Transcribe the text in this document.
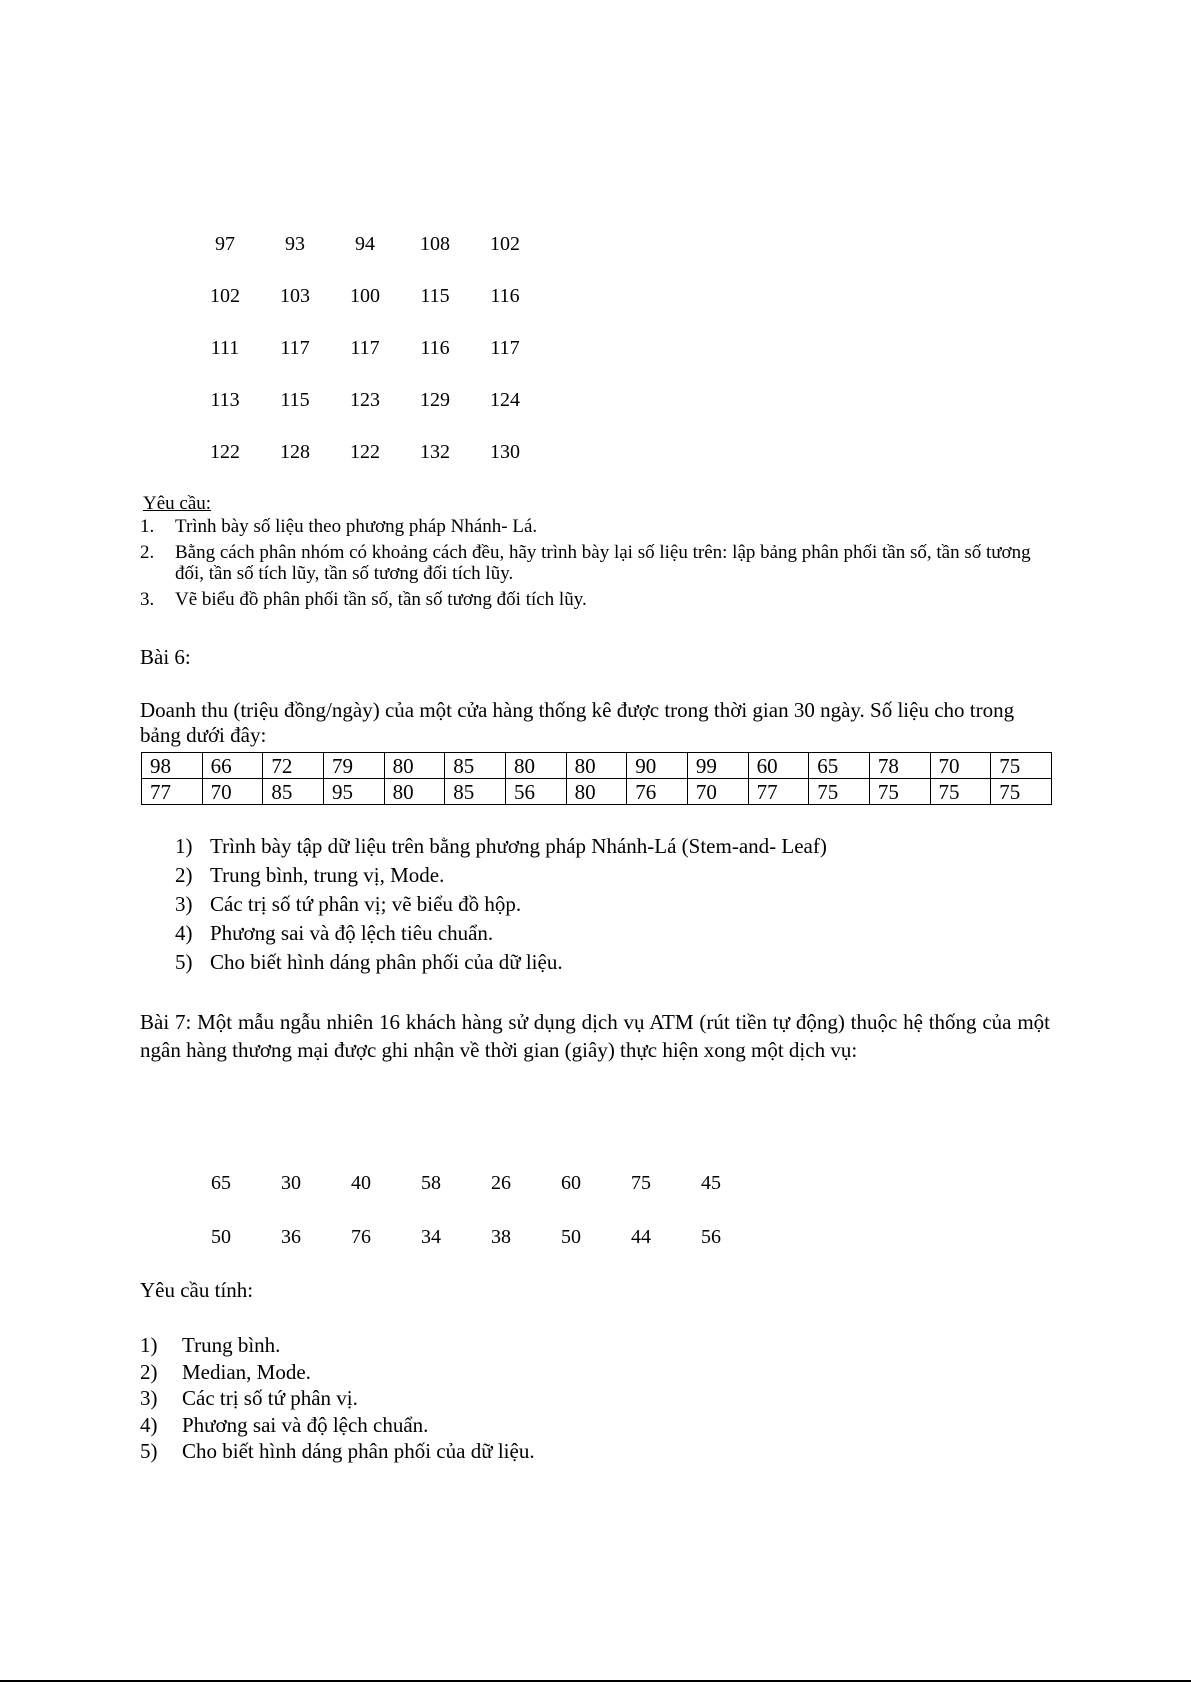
97	93	94	108	102
102	103	100	115	116
111	117	117	116	117
113	115	123	129	124
122	128	122	132	130
Yêu cầu:
1. Trình bày số liệu theo phương pháp Nhánh- Lá.
2. Bằng cách phân nhóm có khoảng cách đều, hãy trình bày lại số liệu trên: lập bảng phân phối tần số, tần số tương đối, tần số tích lũy, tần số tương đối tích lũy.
3. Vẽ biểu đồ phân phối tần số, tần số tương đối tích lũy.
Bài 6:
Doanh thu (triệu đồng/ngày) của một cửa hàng thống kê được trong thời gian 30 ngày. Số liệu cho trong bảng dưới đây:
98	66	72	79	80	85	80	80	90	99	60	65	78	70	75
77	70	85	95	80	85	56	80	76	70	77	75	75	75	75
1) Trình bày tập dữ liệu trên bằng phương pháp Nhánh-Lá (Stem-and- Leaf)
2) Trung bình, trung vị, Mode.
3) Các trị số tứ phân vị; vẽ biểu đồ hộp.
4) Phương sai và độ lệch tiêu chuẩn.
5) Cho biết hình dáng phân phối của dữ liệu.
Bài 7: Một mẫu ngẫu nhiên 16 khách hàng sử dụng dịch vụ ATM (rút tiền tự động) thuộc hệ thống của một ngân hàng thương mại được ghi nhận về thời gian (giây) thực hiện xong một dịch vụ:
65	30	40	58	26	60	75	45
50	36	76	34	38	50	44	56
Yêu cầu tính:
1) Trung bình.
2) Median, Mode.
3) Các trị số tứ phân vị.
4) Phương sai và độ lệch chuẩn.
5) Cho biết hình dáng phân phối của dữ liệu.
